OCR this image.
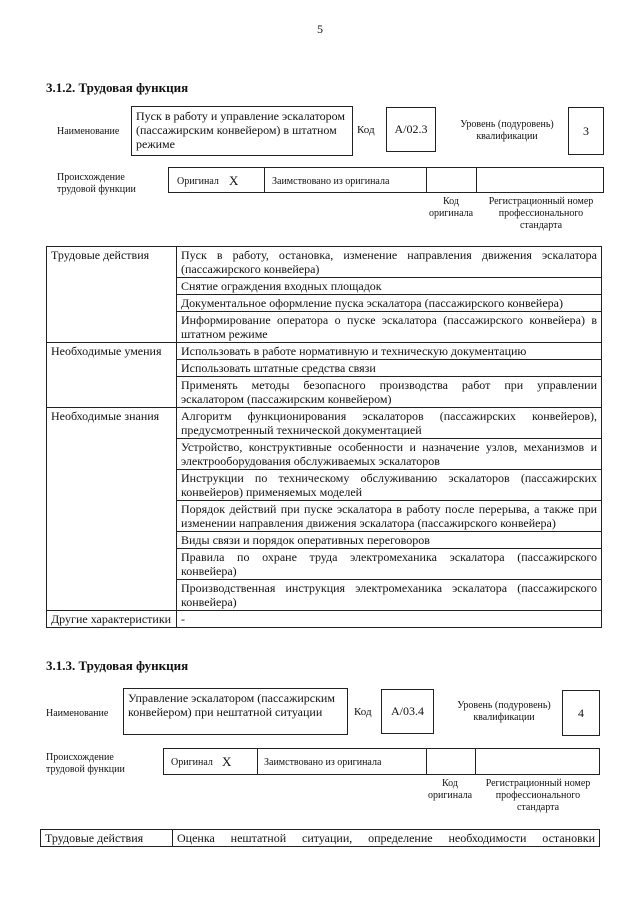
5
3.1.2. Трудовая функция
Наименование
Пуск в работу и управление эскалатором (пассажирским конвейером) в штатном режиме
Код	А/02.3	Уровень (подуровень) квалификации	3
Происхождение трудовой функции
Оригинал X	Заимствовано из оригинала
Код оригинала
Регистрационный номер профессионального стандарта
Трудовые действия	Пуск в работу, остановка, изменение направления движения эскалатора (пассажирского конвейера)
	Снятие ограждения входных площадок
	Документальное оформление пуска эскалатора (пассажирского конвейера)
	Информирование оператора о пуске эскалатора (пассажирского конвейера) в штатном режиме
Необходимые умения	Использовать в работе нормативную и техническую документацию
	Использовать штатные средства связи
	Применять методы безопасного производства работ при управлении эскалатором (пассажирским конвейером)
Необходимые знания	Алгоритм функционирования эскалаторов (пассажирских конвейеров), предусмотренный технической документацией
	Устройство, конструктивные особенности и назначение узлов, механизмов и электрооборудования обслуживаемых эскалаторов
	Инструкции по техническому обслуживанию эскалаторов (пассажирских конвейеров) применяемых моделей
	Порядок действий при пуске эскалатора в работу после перерыва, а также при изменении направления движения эскалатора (пассажирского конвейера)
	Виды связи и порядок оперативных переговоров
	Правила по охране труда электромеханика эскалатора (пассажирского конвейера)
	Производственная инструкция электромеханика эскалатора (пассажирского конвейера)
Другие характеристики	-
3.1.3. Трудовая функция
Наименование
Управление эскалатором (пассажирским конвейером) при нештатной ситуации	Код	А/03.4	Уровень (подуровень) квалификации	4
Происхождение трудовой функции
Оригинал X	Заимствовано из оригинала
Код оригинала
Регистрационный номер профессионального стандарта
Трудовые действия	Оценка нештатной ситуации, определение необходимости остановки
